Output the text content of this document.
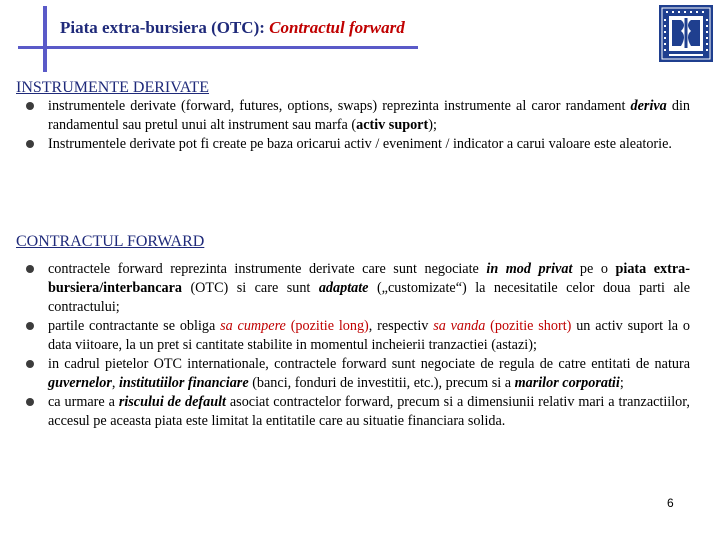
Piata extra-bursiera (OTC): Contractul forward
INSTRUMENTE DERIVATE
instrumentele derivate (forward, futures, options, swaps) reprezinta instrumente al caror randament deriva din randamentul sau pretul unui alt instrument sau marfa (activ suport);
Instrumentele derivate pot fi create pe baza oricarui activ / eveniment / indicator a carui valoare este aleatorie.
CONTRACTUL FORWARD
contractele forward reprezinta instrumente derivate care sunt negociate in mod privat pe o piata extra-bursiera/interbancara (OTC) si care sunt adaptate („customizate“) la necesitatile celor doua parti ale contractului;
partile contractante se obliga sa cumpere (pozitie long), respectiv sa vanda (pozitie short) un activ suport la o data viitoare, la un pret si cantitate stabilite in momentul incheierii tranzactiei (astazi);
in cadrul pietelor OTC internationale, contractele forward sunt negociate de regula de catre entitati de natura guvernelor, institutiilor financiare (banci, fonduri de investitii, etc.), precum si a marilor corporatii;
ca urmare a riscului de default asociat contractelor forward, precum si a dimensiunii relativ mari a tranzactiilor, accesul pe aceasta piata este limitat la entitatile care au situatie financiara solida.
6
